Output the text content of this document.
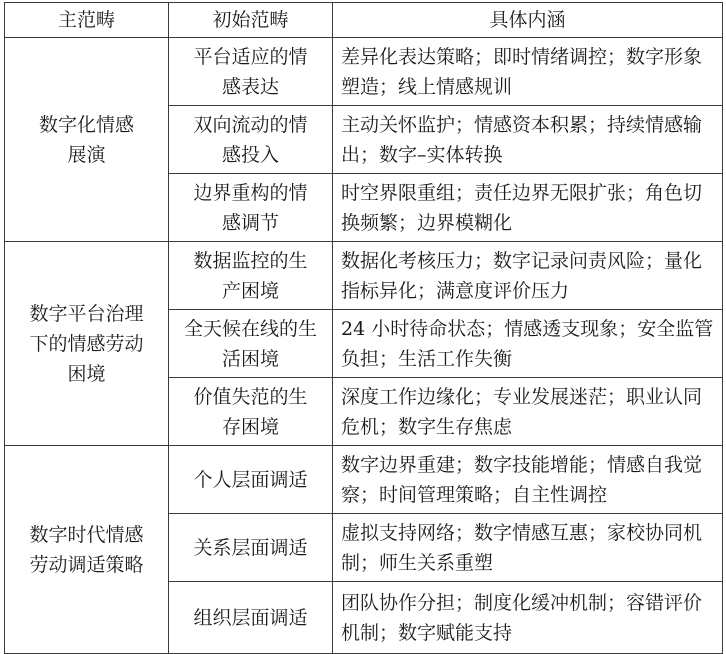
主范畴	初始范畴	具体内涵

数字化情感展演	平台适应的情感表达	差异化表达策略；即时情绪调控；数字形象塑造；线上情感规训

	双向流动的情感投入	主动关怀监护；情感资本积累；持续情感输出；数字–实体转换

	边界重构的情感调节	时空界限重组；责任边界无限扩张；角色切换频繁；边界模糊化

数字平台治理下的情感劳动困境	数据监控的生产困境	数据化考核压力；数字记录问责风险；量化指标异化；满意度评价压力

	全天候在线的生活困境	24 小时待命状态；情感透支现象；安全监管负担；生活工作失衡

	价值失范的生存困境	深度工作边缘化；专业发展迷茫；职业认同危机；数字生存焦虑

数字时代情感劳动调适策略	个人层面调适	数字边界重建；数字技能增能；情感自我觉察；时间管理策略；自主性调控
	关系层面调适	虚拟支持网络；数字情感互惠；家校协同机制；师生关系重塑
	组织层面调适	团队协作分担；制度化缓冲机制；容错评价机制；数字赋能支持
